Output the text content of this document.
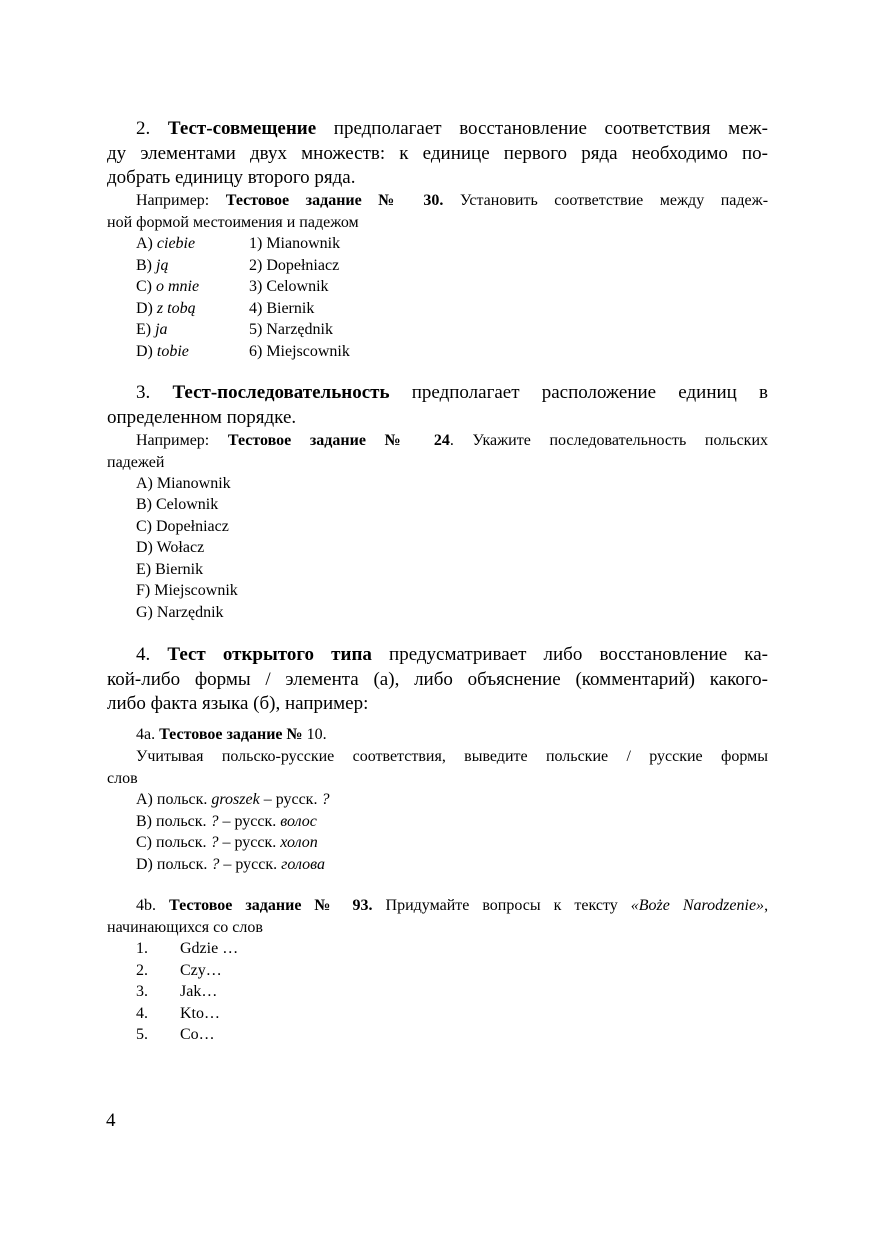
2. Тест-совмещение предполагает восстановление соответствия меж-
ду элементами двух множеств: к единице первого ряда необходимо по-
добрать единицу второго ряда.
Например: Тестовое задание № 30. Установить соответствие между падеж-
ной формой местоимения и падежом
A) ciebie	1) Mianownik
B) ją	2) Dopełniacz
C) o mnie	3) Celownik
D) z tobą	4) Biernik
E) ja	5) Narzędnik
D) tobie	6) Miejscownik
3. Тест-последовательность предполагает расположение единиц в
определенном порядке.
Например: Тестовое задание № 24. Укажите последовательность польских
падежей
A) Mianownik
B) Celownik
C) Dopełniacz
D) Wołacz
E) Biernik
F) Miejscownik
G) Narzędnik
4. Тест открытого типа предусматривает либо восстановление ка-
кой-либо формы / элемента (а), либо объяснение (комментарий) какого-
либо факта языка (б), например:
4a. Тестовое задание № 10.
Учитывая польско-русские соответствия, выведите польские / русские формы
слов
A) польск. groszek – русск. ?
B) польск. ? – русск. волос
C) польск. ? – русск. холоп
D) польск. ? – русск. голова
4b. Тестовое задание № 93. Придумайте вопросы к тексту «Boże Narodzenie»,
начинающихся со слов
1. Gdzie …
2. Czy…
3. Jak…
4. Kto…
5. Co…
4
